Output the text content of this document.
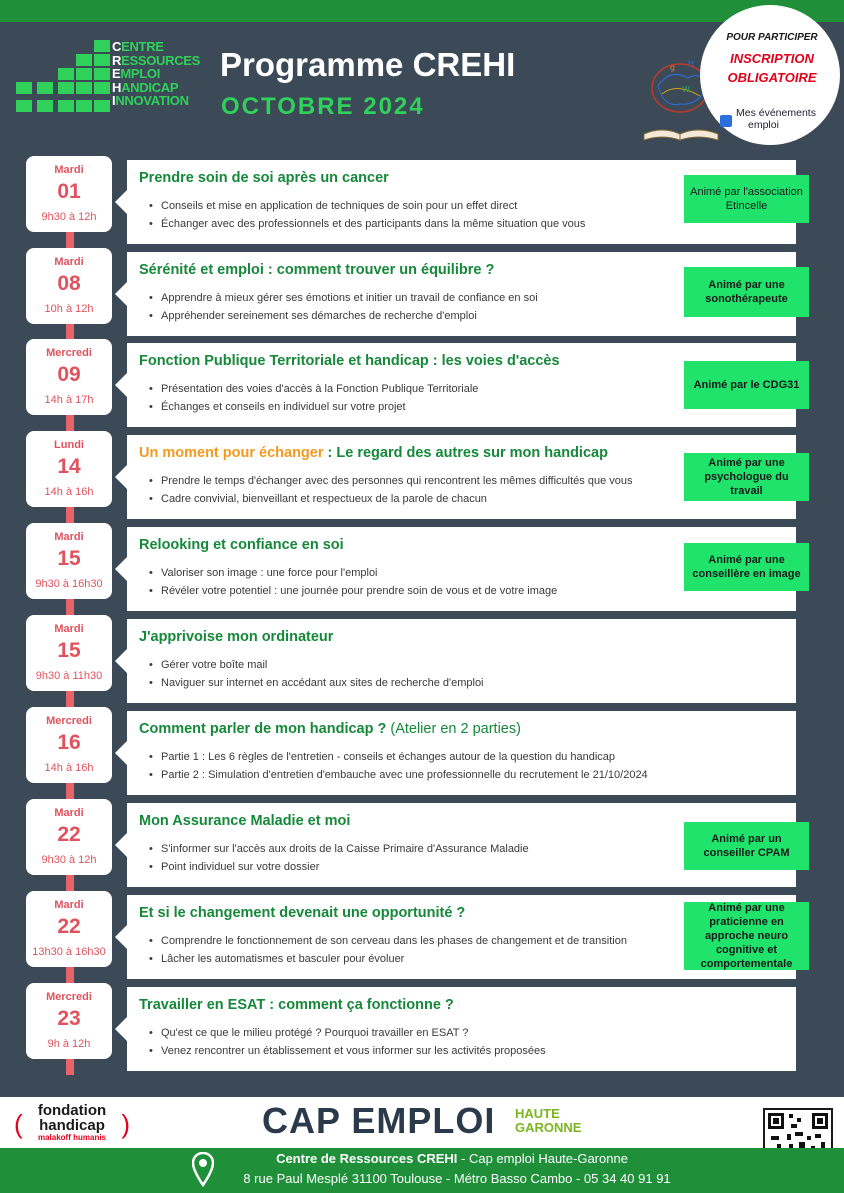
CENTRE
RESSOURCES
EMPLOI
HANDICAP
INNOVATION
Programme CREHI
OCTOBRE 2024
g H
W
POUR PARTICIPER
INSCRIPTION
OBLIGATOIRE
Mes événements
emploi
Mardi
01
9h30 à 12h
Prendre soin de soi après un cancer
• Conseils et mise en application de techniques de soin pour un effet direct
• Échanger avec des professionnels et des participants dans la même situation que vous
Animé par l'association Etincelle
Mardi
08
10h à 12h
Sérénité et emploi : comment trouver un équilibre ?
• Apprendre à mieux gérer ses émotions et initier un travail de confiance en soi
• Appréhender sereinement ses démarches de recherche d'emploi
Animé par une sonothérapeute
Mercredi
09
14h à 17h
Fonction Publique Territoriale et handicap : les voies d'accès
• Présentation des voies d'accès à la Fonction Publique Territoriale
• Échanges et conseils en individuel sur votre projet
Animé par le CDG31
Lundi
14
14h à 16h
Un moment pour échanger : Le regard des autres sur mon handicap
• Prendre le temps d'échanger avec des personnes qui rencontrent les mêmes difficultés que vous
• Cadre convivial, bienveillant et respectueux de la parole de chacun
Animé par une psychologue du travail
Mardi
15
9h30 à 16h30
Relooking et confiance en soi
• Valoriser son image : une force pour l'emploi
• Révéler votre potentiel : une journée pour prendre soin de vous et de votre image
Animé par une conseillère en image
Mardi
15
9h30 à 11h30
J'apprivoise mon ordinateur
• Gérer votre boîte mail
• Naviguer sur internet en accédant aux sites de recherche d'emploi
Mercredi
16
14h à 16h
Comment parler de mon handicap ? (Atelier en 2 parties)
• Partie 1 : Les 6 règles de l'entretien - conseils et échanges autour de la question du handicap
• Partie 2 : Simulation d'entretien d'embauche avec une professionnelle du recrutement le 21/10/2024
Mardi
22
9h30 à 12h
Mon Assurance Maladie et moi
• S'informer sur l'accès aux droits de la Caisse Primaire d'Assurance Maladie
• Point individuel sur votre dossier
Animé par un conseiller CPAM
Mardi
22
13h30 à 16h30
Et si le changement devenait une opportunité ?
• Comprendre le fonctionnement de son cerveau dans les phases de changement et de transition
• Lâcher les automatismes et basculer pour évoluer
Animé par une praticienne en approche neuro cognitive et comportementale
Mercredi
23
9h à 12h
Travailler en ESAT : comment ça fonctionne ?
• Qu'est ce que le milieu protégé ? Pourquoi travailler en ESAT ?
• Venez rencontrer un établissement et vous informer sur les activités proposées
(	fondation
handicap
malakoff humanis )	CAP EMPLOI HAUTE
GARONNE
Centre de Ressources CREHI - Cap emploi Haute-Garonne
8 rue Paul Mesplé 31100 Toulouse - Métro Basso Cambo - 05 34 40 91 91
